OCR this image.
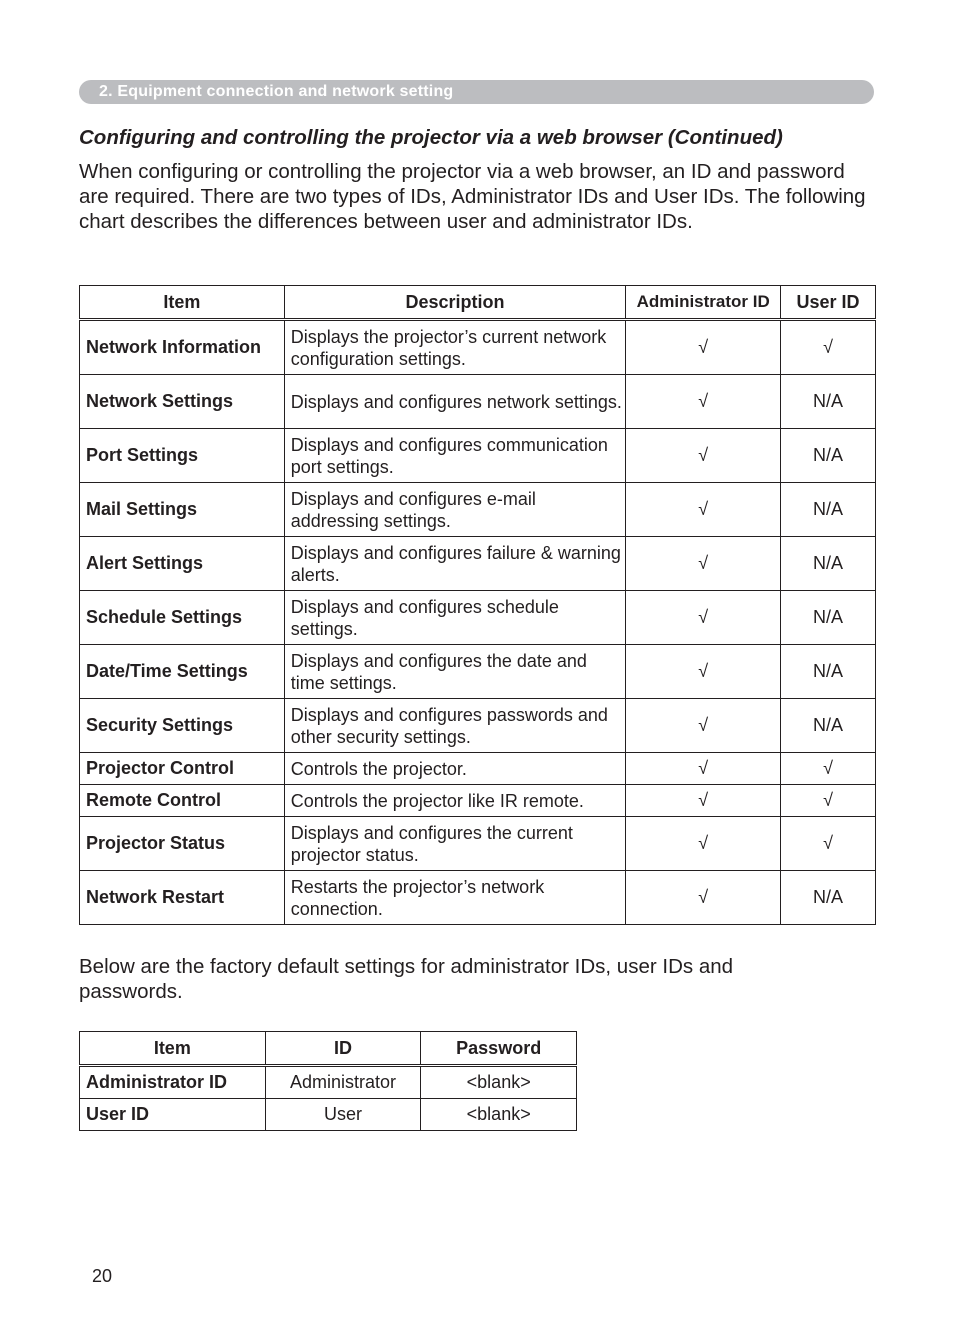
2. Equipment connection and network setting
Configuring and controlling the projector via a web browser (Continued)

When configuring or controlling the projector via a web browser, an ID and password are required. There are two types of IDs, Administrator IDs and User IDs. The following chart describes the differences between user and administrator IDs.

Item	Description	Administrator ID	User ID
Network Information	Displays the projector’s current network configuration settings.	√	√
Network Settings	Displays and configures network settings.	√	N/A
Port Settings	Displays and configures communication port settings.	√	N/A
Mail Settings	Displays and configures e-mail addressing settings.	√	N/A
Alert Settings	Displays and configures failure & warning alerts.	√	N/A
Schedule Settings	Displays and configures schedule settings.	√	N/A
Date/Time Settings	Displays and configures the date and time settings.	√	N/A
Security Settings	Displays and configures passwords and other security settings.	√	N/A
Projector Control	Controls the projector.	√	√
Remote Control	Controls the projector like IR remote.	√	√
Projector Status	Displays and configures the current projector status.	√	√
Network Restart	Restarts the projector’s network connection.	√	N/A

Below are the factory default settings for administrator IDs, user IDs and passwords.

Item	ID	Password
Administrator ID	Administrator	<blank>
User ID	User	<blank>
20
